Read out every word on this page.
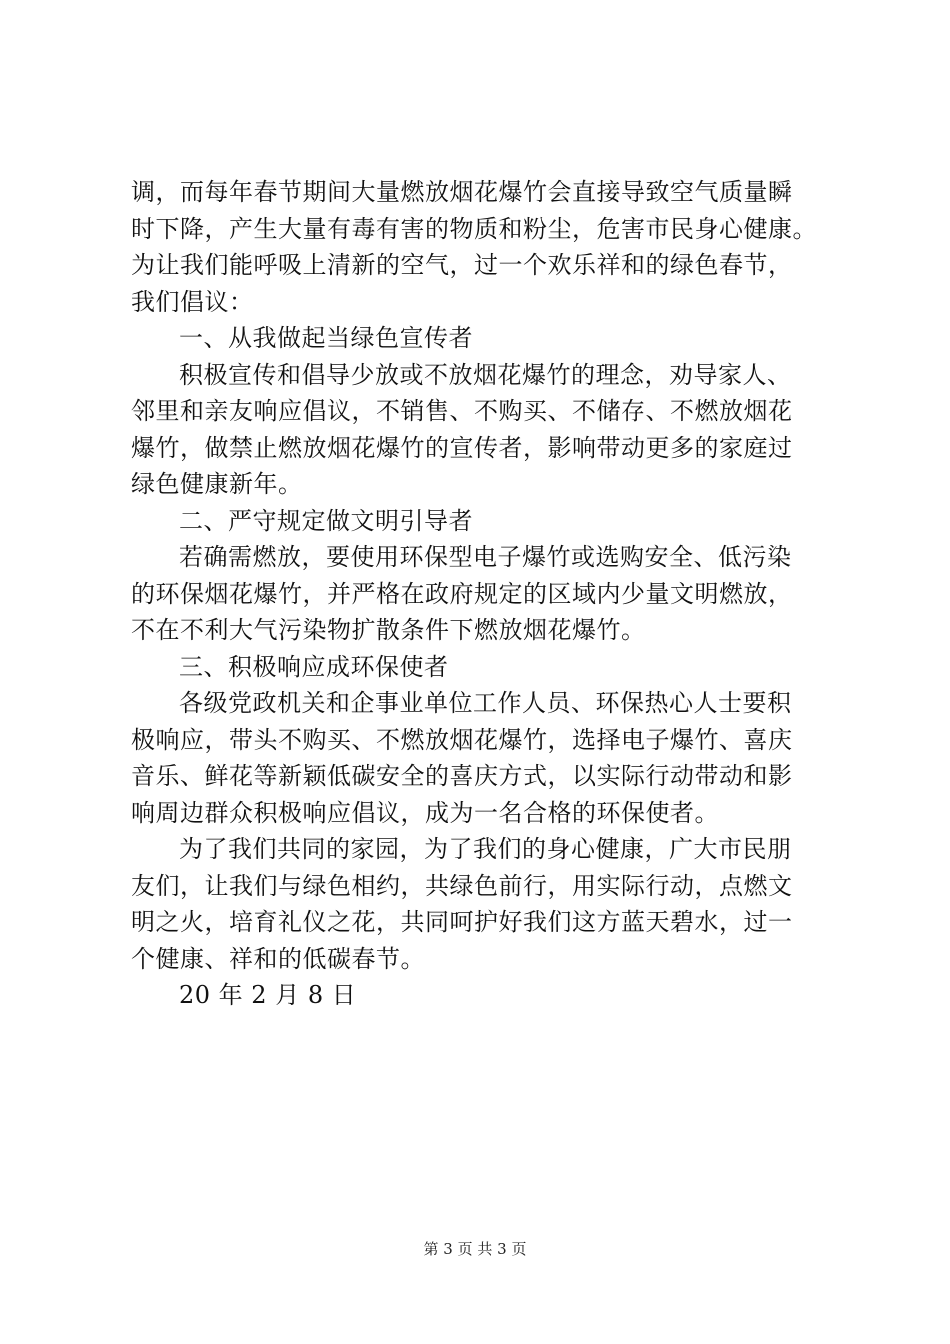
调，而每年春节期间大量燃放烟花爆竹会直接导致空气质量瞬
时下降，产生大量有毒有害的物质和粉尘，危害市民身心健康。
为让我们能呼吸上清新的空气，过一个欢乐祥和的绿色春节，
我们倡议：
一、从我做起当绿色宣传者
积极宣传和倡导少放或不放烟花爆竹的理念，劝导家人、
邻里和亲友响应倡议，不销售、不购买、不储存、不燃放烟花
爆竹，做禁止燃放烟花爆竹的宣传者，影响带动更多的家庭过
绿色健康新年。
二、严守规定做文明引导者
若确需燃放，要使用环保型电子爆竹或选购安全、低污染
的环保烟花爆竹，并严格在政府规定的区域内少量文明燃放，
不在不利大气污染物扩散条件下燃放烟花爆竹。
三、积极响应成环保使者
各级党政机关和企事业单位工作人员、环保热心人士要积
极响应，带头不购买、不燃放烟花爆竹，选择电子爆竹、喜庆
音乐、鲜花等新颖低碳安全的喜庆方式，以实际行动带动和影
响周边群众积极响应倡议，成为一名合格的环保使者。
为了我们共同的家园，为了我们的身心健康，广大市民朋
友们，让我们与绿色相约，共绿色前行，用实际行动，点燃文
明之火，培育礼仪之花，共同呵护好我们这方蓝天碧水，过一
个健康、祥和的低碳春节。
20 年 2 月 8 日
第 3 页 共 3 页
